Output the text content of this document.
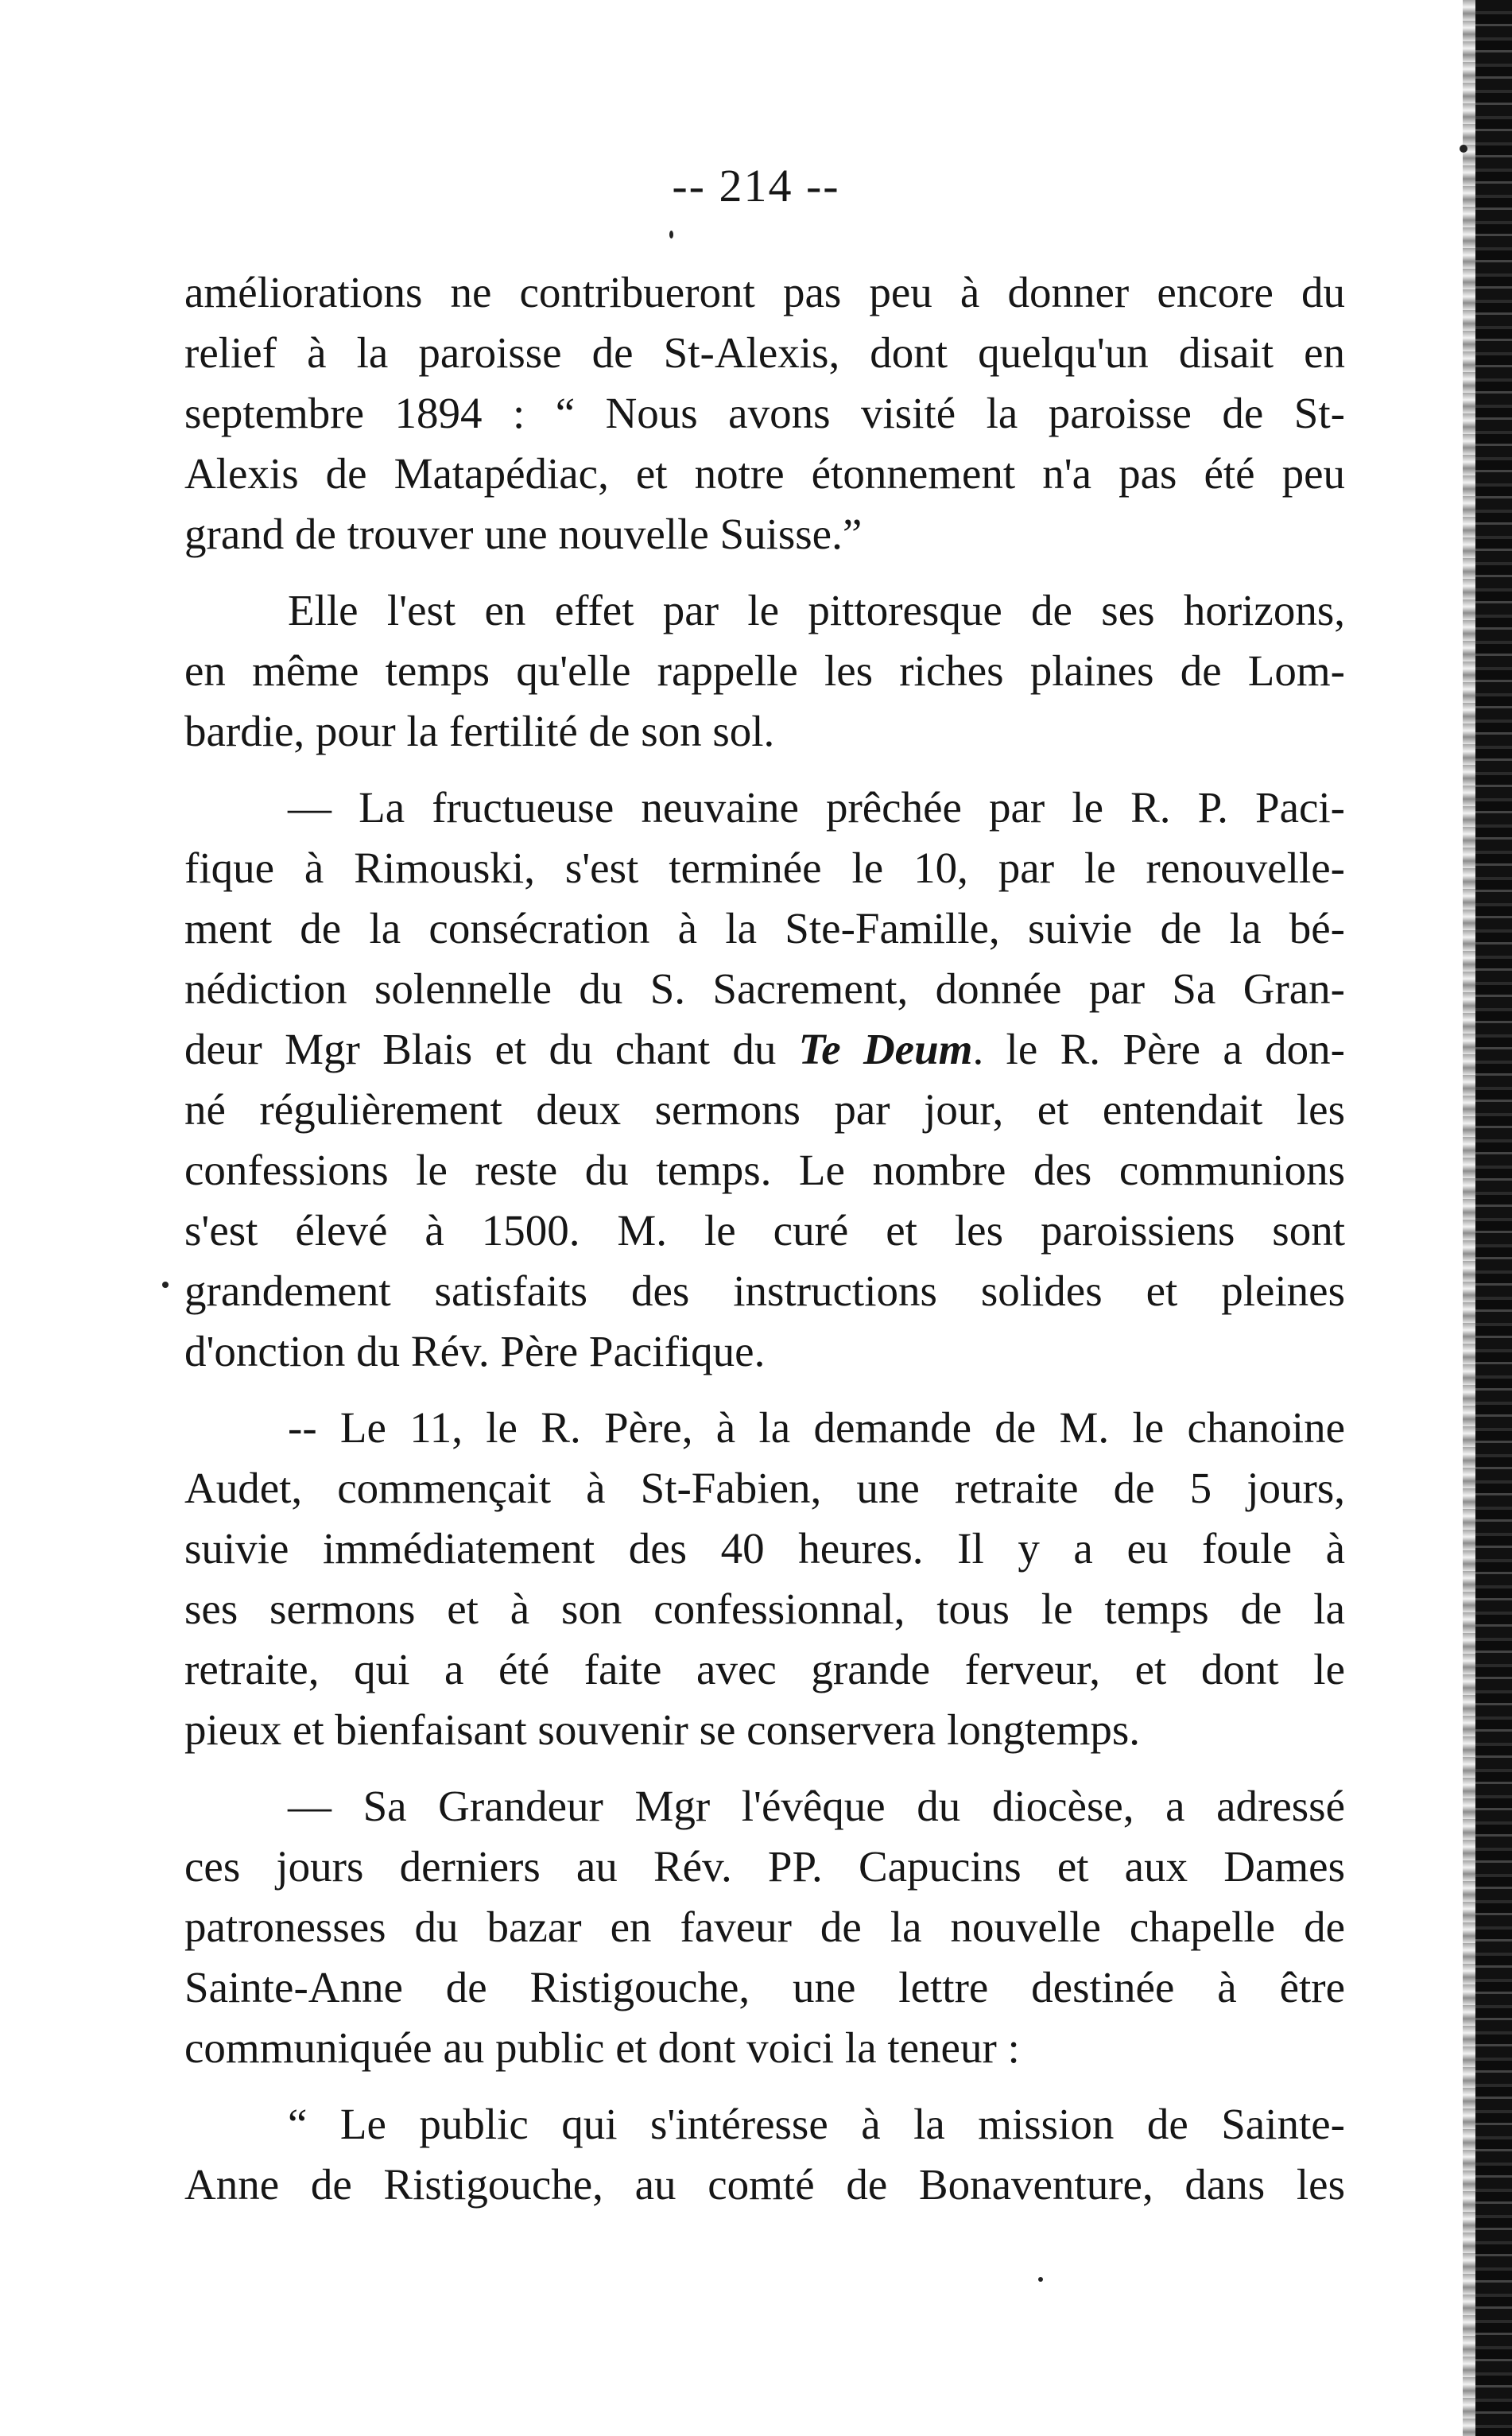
-- 214 --
améliorations ne contribueront pas peu à donner encore du
relief à la paroisse de St-Alexis, dont quelqu'un disait en
septembre 1894 : “ Nous avons visité la paroisse de St-
Alexis de Matapédiac, et notre étonnement n'a pas été peu
grand de trouver une nouvelle Suisse.”
Elle l'est en effet par le pittoresque de ses horizons,
en même temps qu'elle rappelle les riches plaines de Lom-
bardie, pour la fertilité de son sol.
— La fructueuse neuvaine prêchée par le R. P. Paci-
fique à Rimouski, s'est terminée le 10, par le renouvelle-
ment de la consécration à la Ste-Famille, suivie de la bé-
nédiction solennelle du S. Sacrement, donnée par Sa Gran-
deur Mgr Blais et du chant du Te Deum. le R. Père a don-
né régulièrement deux sermons par jour, et entendait les
confessions le reste du temps. Le nombre des communions
s'est élevé à 1500. M. le curé et les paroissiens sont
grandement satisfaits des instructions solides et pleines
d'onction du Rév. Père Pacifique.
-- Le 11, le R. Père, à la demande de M. le chanoine
Audet, commençait à St-Fabien, une retraite de 5 jours,
suivie immédiatement des 40 heures. Il y a eu foule à
ses sermons et à son confessionnal, tous le temps de la
retraite, qui a été faite avec grande ferveur, et dont le
pieux et bienfaisant souvenir se conservera longtemps.
— Sa Grandeur Mgr l'évêque du diocèse, a adressé
ces jours derniers au Rév. PP. Capucins et aux Dames
patronesses du bazar en faveur de la nouvelle chapelle de
Sainte-Anne de Ristigouche, une lettre destinée à être
communiquée au public et dont voici la teneur :
“ Le public qui s'intéresse à la mission de Sainte-
Anne de Ristigouche, au comté de Bonaventure, dans les
